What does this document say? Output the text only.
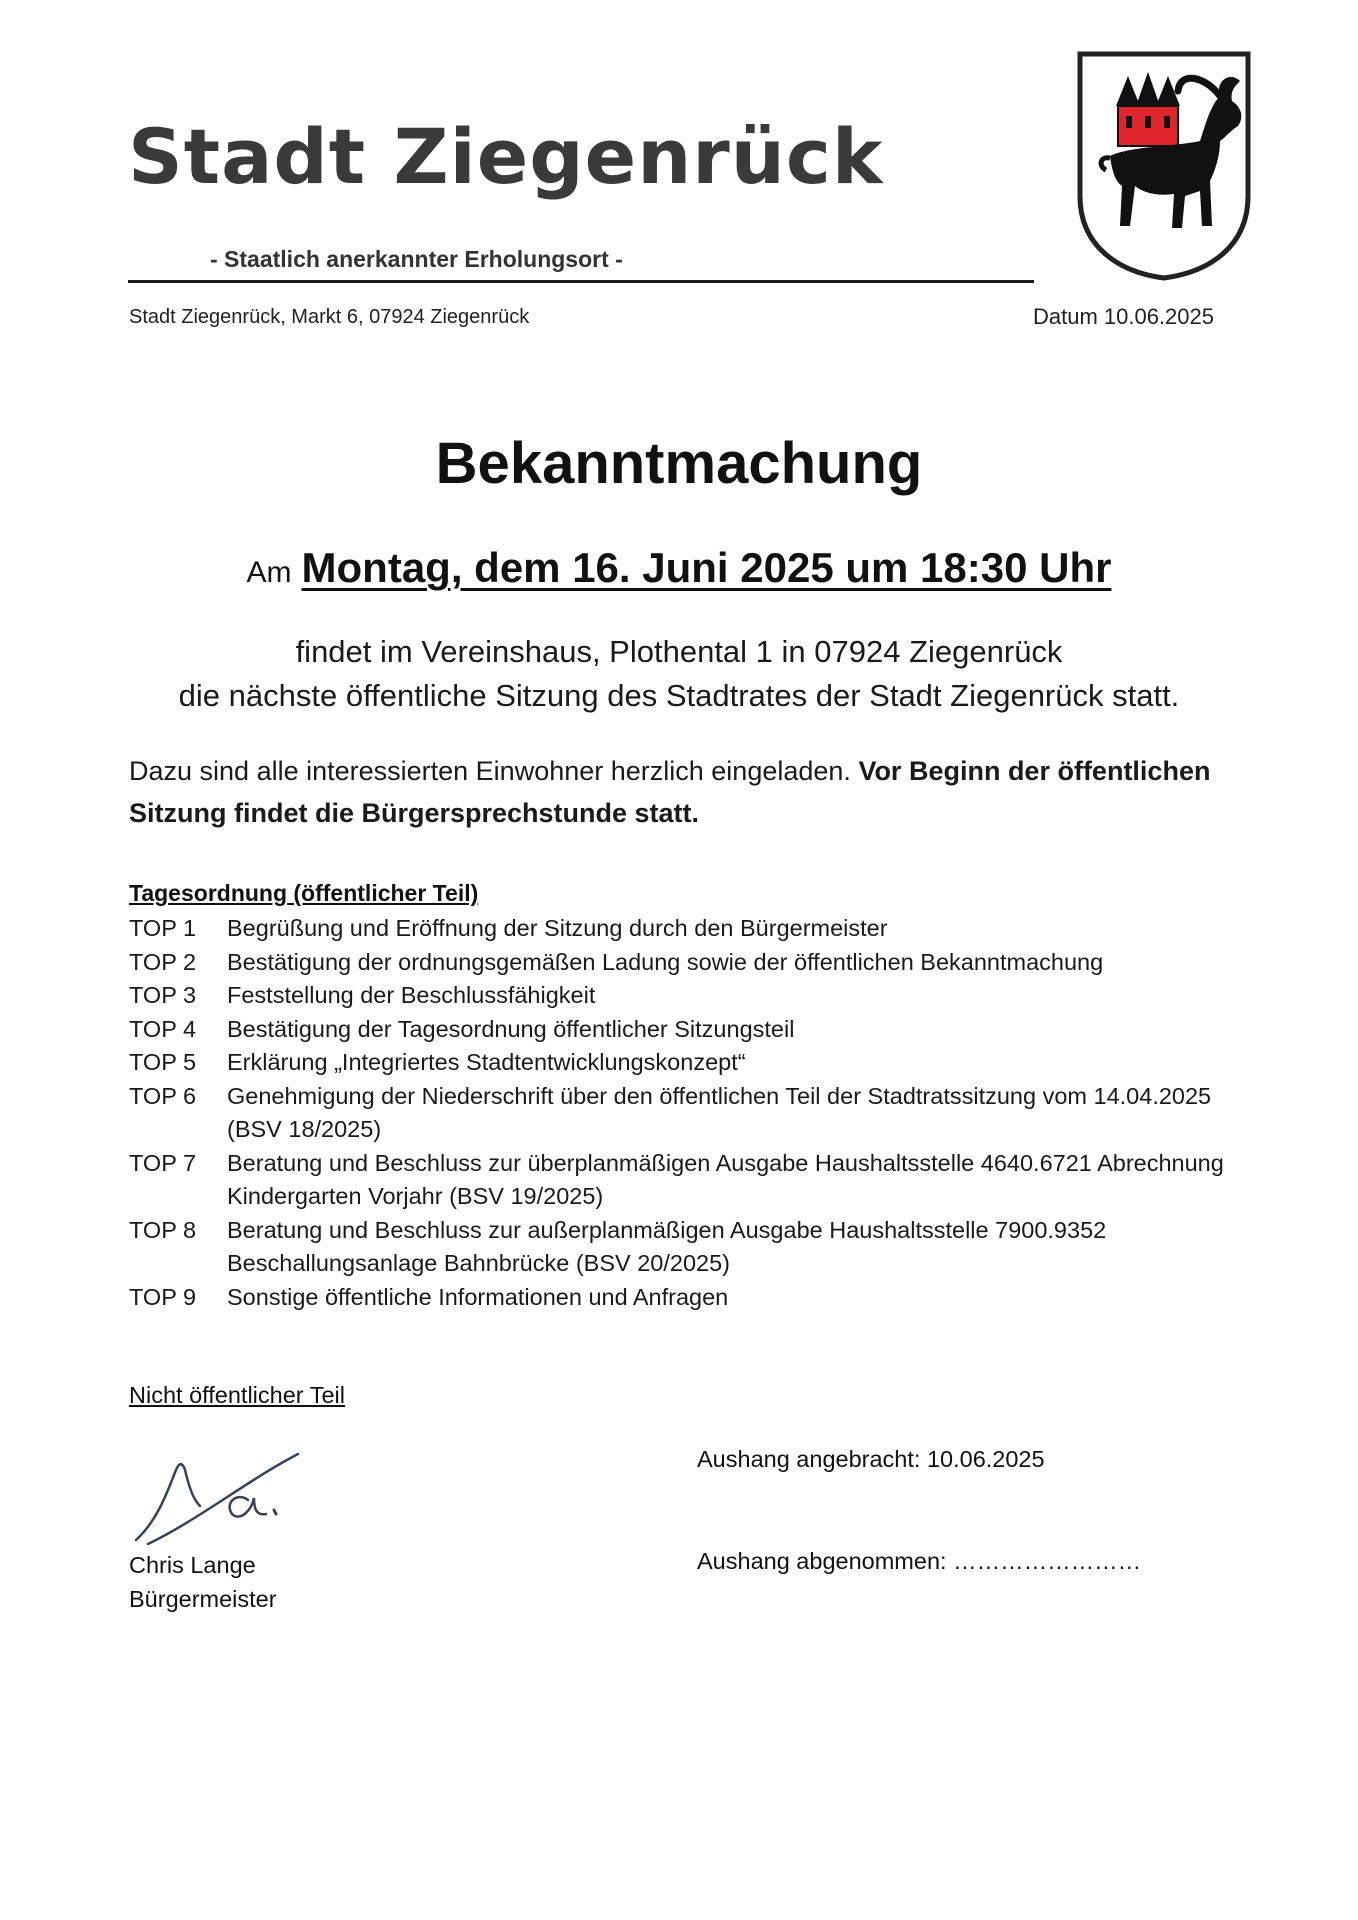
Stadt Ziegenrück
- Staatlich anerkannter Erholungsort -
Stadt Ziegenrück, Markt 6, 07924 Ziegenrück	Datum 10.06.2025
Bekanntmachung
Am Montag, dem 16. Juni 2025 um 18:30 Uhr
findet im Vereinshaus, Plothental 1 in 07924 Ziegenrück
die nächste öffentliche Sitzung des Stadtrates der Stadt Ziegenrück statt.
Dazu sind alle interessierten Einwohner herzlich eingeladen. Vor Beginn der öffentlichen Sitzung findet die Bürgersprechstunde statt.
Tagesordnung (öffentlicher Teil)
TOP 1	Begrüßung und Eröffnung der Sitzung durch den Bürgermeister
TOP 2	Bestätigung der ordnungsgemäßen Ladung sowie der öffentlichen Bekanntmachung
TOP 3	Feststellung der Beschlussfähigkeit
TOP 4	Bestätigung der Tagesordnung öffentlicher Sitzungsteil
TOP 5	Erklärung „Integriertes Stadtentwicklungskonzept“
TOP 6	Genehmigung der Niederschrift über den öffentlichen Teil der Stadtratssitzung vom 14.04.2025 (BSV 18/2025)
TOP 7	Beratung und Beschluss zur überplanmäßigen Ausgabe Haushaltsstelle 4640.6721 Abrechnung Kindergarten Vorjahr (BSV 19/2025)
TOP 8	Beratung und Beschluss zur außerplanmäßigen Ausgabe Haushaltsstelle 7900.9352 Beschallungsanlage Bahnbrücke (BSV 20/2025)
TOP 9	Sonstige öffentliche Informationen und Anfragen
Nicht öffentlicher Teil
Chris Lange
Bürgermeister
Aushang angebracht: 10.06.2025
Aushang abgenommen: ……………………
